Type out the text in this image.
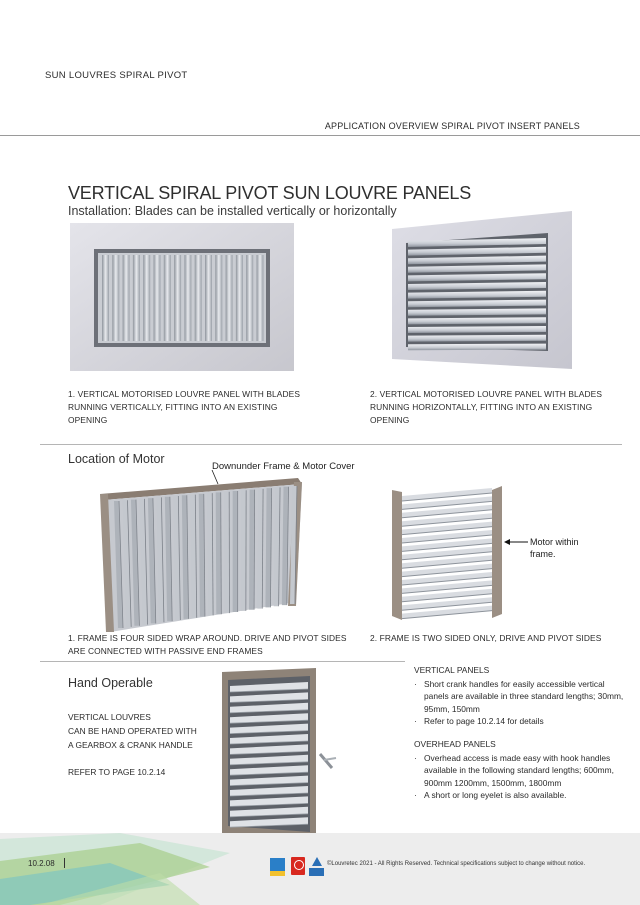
SUN LOUVRES SPIRAL PIVOT
APPLICATION OVERVIEW SPIRAL PIVOT INSERT PANELS
VERTICAL SPIRAL PIVOT SUN LOUVRE PANELS
Installation: Blades can be installed vertically or horizontally
1. VERTICAL MOTORISED LOUVRE PANEL WITH BLADES RUNNING VERTICALLY, FITTING INTO AN EXISTING OPENING
2. VERTICAL MOTORISED LOUVRE PANEL WITH BLADES RUNNING HORIZONTALLY, FITTING INTO AN EXISTING OPENING
Location of Motor
Downunder Frame & Motor Cover
Motor within
frame.
1. FRAME IS FOUR SIDED WRAP AROUND. DRIVE AND PIVOT SIDES ARE CONNECTED WITH PASSIVE END FRAMES
2. FRAME IS TWO SIDED ONLY, DRIVE AND PIVOT SIDES
Hand Operable
VERTICAL LOUVRES
CAN BE HAND OPERATED WITH
A GEARBOX & CRANK HANDLE
REFER TO PAGE 10.2.14
VERTICAL PANELS
· Short crank handles for easily accessible vertical panels are available in three standard lengths; 30mm, 95mm, 150mm
· Refer to page 10.2.14 for details
OVERHEAD PANELS
· Overhead access is made easy with hook handles available in the following standard lengths; 600mm, 900mm 1200mm, 1500mm, 1800mm
· A short or long eyelet is also available.
10.2.08	©Louvretec 2021 - All Rights Reserved. Technical specifications subject to change without notice.
